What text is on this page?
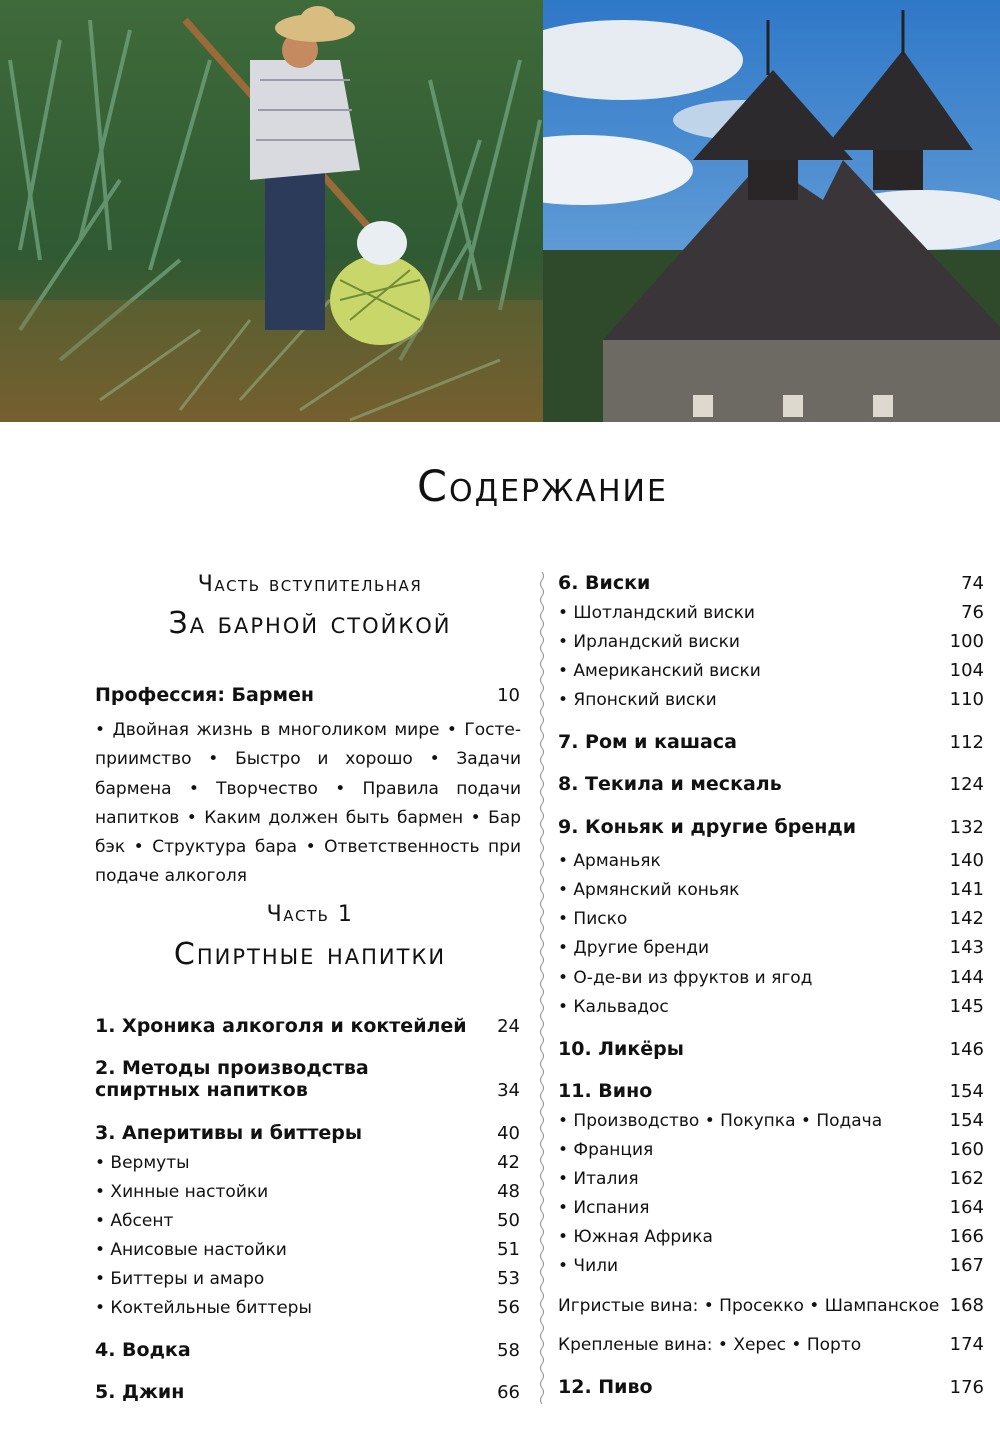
Содержание
Часть вступительная
За барной стойкой
Профессия: Бармен	10
• Двойная жизнь в многоликом мире • Госте-приимство • Быстро и хорошо • Задачи бармена • Творчество • Правила подачи напитков • Каким должен быть бармен • Бар бэк • Структура бара • Ответственность при подаче алкоголя
Часть 1
Спиртные напитки
1. Хроника алкоголя и коктейлей 24
2. Методы производства
спиртных напитков	34
3. Аперитивы и биттеры	40
• Вермуты	42
• Хинные настойки	48
• Абсент	50
• Анисовые настойки	51
• Биттеры и амаро	53
• Коктейльные биттеры	56
4. Водка	58
5. Джин	66
6. Виски	74
• Шотландский виски	76
• Ирландский виски	100
• Американский виски	104
• Японский виски	110
7. Ром и кашаса	112
8. Текила и мескаль	124
9. Коньяк и другие бренди	132
• Арманьяк	140
• Армянский коньяк	141
• Писко	142
• Другие бренди	143
• О-де-ви из фруктов и ягод	144
• Кальвадос	145
10. Ликёры	146
11. Вино	154
• Производство • Покупка • Подача	154
• Франция	160
• Италия	162
• Испания	164
• Южная Африка	166
• Чили	167
Игристые вина: • Просекко • Шампанское 168
Крепленые вина: • Херес • Порто	174
12. Пиво	176
